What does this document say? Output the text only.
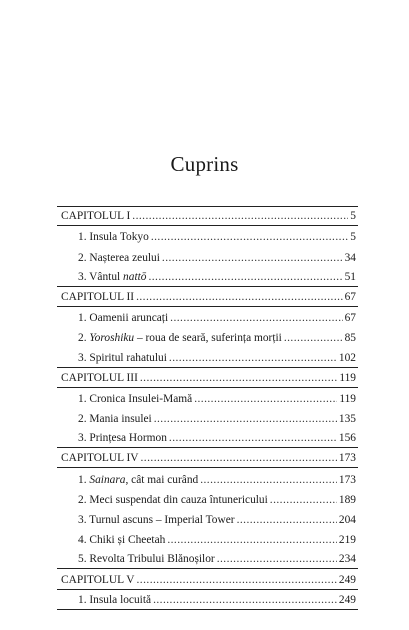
Cuprins
CAPITOLUL I . . .	5
1. Insula Tokyo . . .	5
2. Nașterea zeului . . .	34
3. Vântul nattō . . .	51
CAPITOLUL II . . .	67
1. Oamenii aruncați . . .	67
2. Yoroshiku – roua de seară, suferința morții . . .	85
3. Spiritul rahatului . . .	102
CAPITOLUL III . . .	119
1. Cronica Insulei-Mamă . . .	119
2. Mania insulei . . .	135
3. Prințesa Hormon . . .	156
CAPITOLUL IV . . .	173
1. Sainara, cât mai curând . . .	173
2. Meci suspendat din cauza întunericului . . .	189
3. Turnul ascuns – Imperial Tower . . .	204
4. Chiki și Cheetah . . .	219
5. Revolta Tribului Blănoșilor . . .	234
CAPITOLUL V . . .	249
1. Insula locuită . . .	249
